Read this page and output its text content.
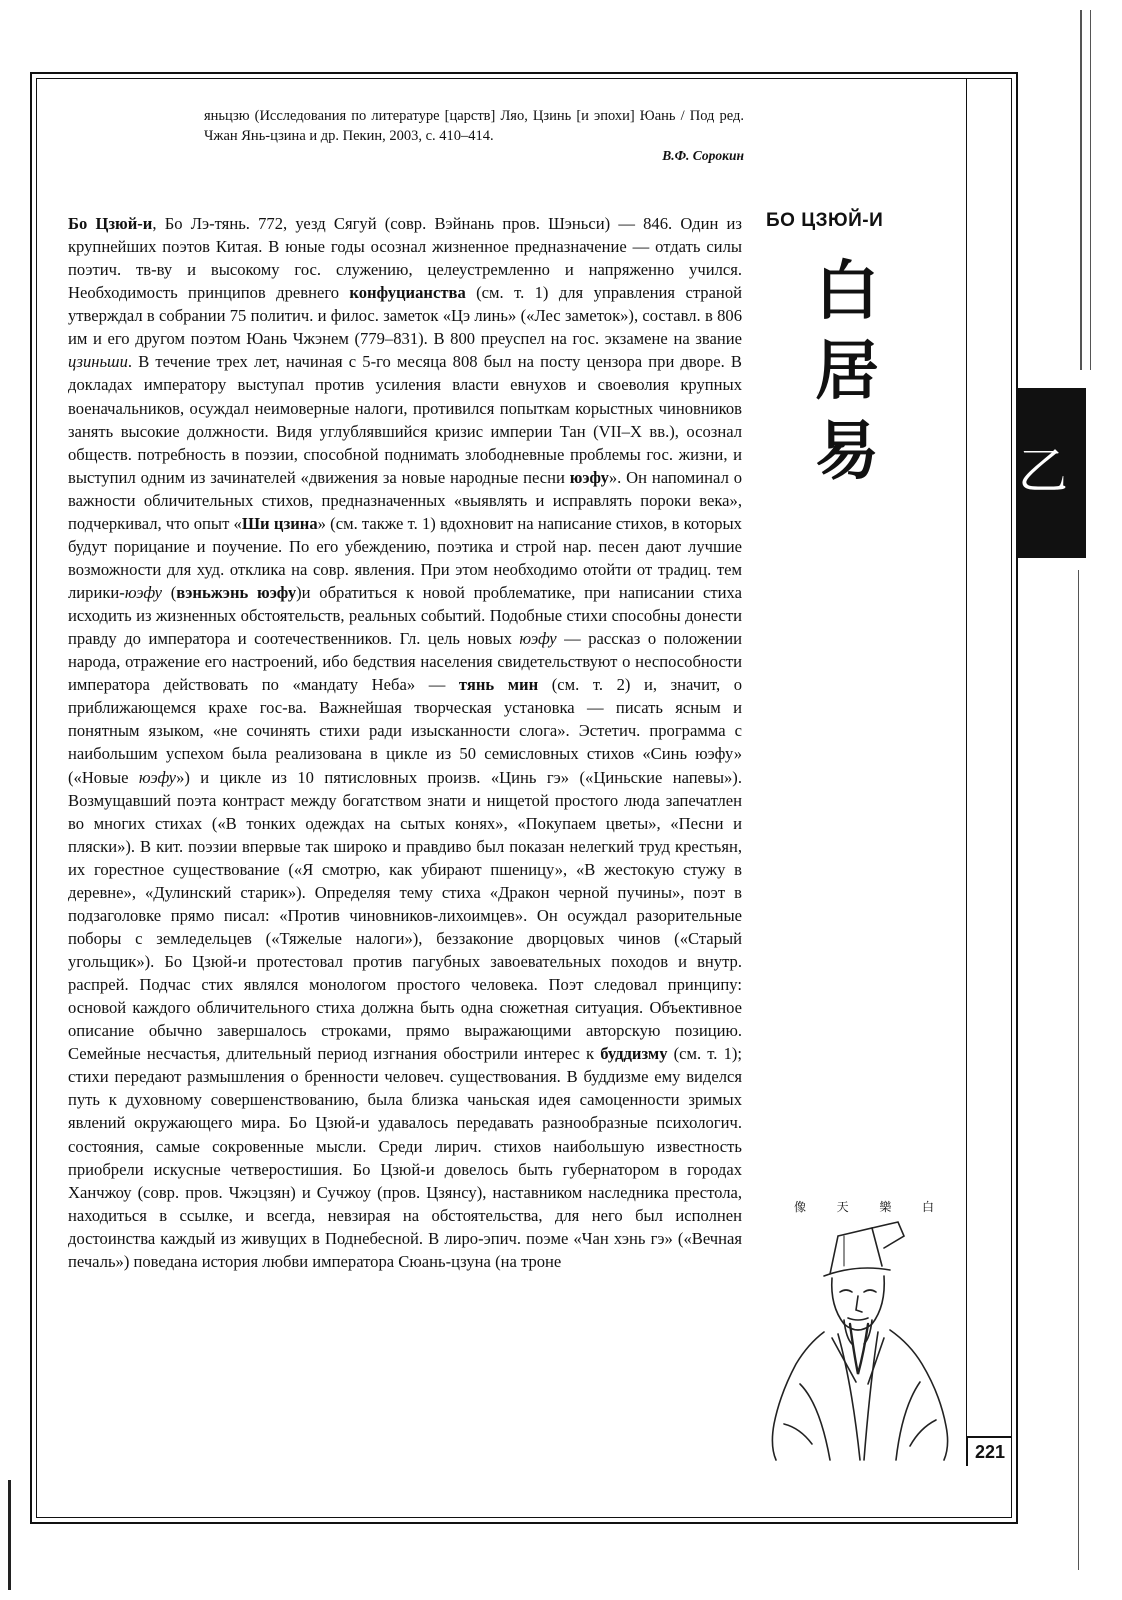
乙

яньцзю (Исследования по литературе [царств] Ляо, Цзинь [и эпохи] Юань / Под ред. Чжан Янь-цзина и др. Пекин, 2003, с. 410–414.

В.Ф. Сорокин

БО ЦЗЮЙ-И
白
居
易

Бо Цзюй-и, Бо Лэ-тянь. 772, уезд Сягуй (совр. Вэйнань пров. Шэньси) — 846. Один из крупнейших поэтов Китая. В юные годы осознал жизненное предназначение — отдать силы поэтич. тв-ву и высокому гос. служению, целеустремленно и напряженно учился. Необходимость принципов древнего конфуцианства (см. т. 1) для управления страной утверждал в собрании 75 политич. и филос. заметок «Цэ линь» («Лес заметок»), составл. в 806 им и его другом поэтом Юань Чжэнем (779–831). В 800 преуспел на гос. экзамене на звание цзиньши. В течение трех лет, начиная с 5-го месяца 808 был на посту цензора при дворе. В докладах императору выступал против усиления власти евнухов и своеволия крупных военачальников, осуждал неимоверные налоги, противился попыткам корыстных чиновников занять высокие должности. Видя углублявшийся кризис империи Тан (VII–X вв.), осознал обществ. потребность в поэзии, способной поднимать злободневные проблемы гос. жизни, и выступил одним из зачинателей «движения за новые народные песни юэфу». Он напоминал о важности обличительных стихов, предназначенных «выявлять и исправлять пороки века», подчеркивал, что опыт «Ши цзина» (см. также т. 1) вдохновит на написание стихов, в которых будут порицание и поучение. По его убеждению, поэтика и строй нар. песен дают лучшие возможности для худ. отклика на совр. явления. При этом необходимо отойти от традиц. тем лирики-юэфу (вэньжэнь юэфу)и обратиться к новой проблематике, при написании стиха исходить из жизненных обстоятельств, реальных событий. Подобные стихи способны донести правду до императора и соотечественников. Гл. цель новых юэфу — рассказ о положении народа, отражение его настроений, ибо бедствия населения свидетельствуют о неспособности императора действовать по «мандату Неба» — тянь мин (см. т. 2) и, значит, о приближающемся крахе гос-ва. Важнейшая творческая установка — писать ясным и понятным языком, «не сочинять стихи ради изысканности слога». Эстетич. программа с наибольшим успехом была реализована в цикле из 50 семисловных стихов «Синь юэфу» («Новые юэфу») и цикле из 10 пятисловных произв. «Цинь гэ» («Циньские напевы»). Возмущавший поэта контраст между богатством знати и нищетой простого люда запечатлен во многих стихах («В тонких одеждах на сытых конях», «Покупаем цветы», «Песни и пляски»). В кит. поэзии впервые так широко и правдиво был показан нелегкий труд крестьян, их горестное существование («Я смотрю, как убирают пшеницу», «В жестокую стужу в деревне», «Дулинский старик»). Определяя тему стиха «Дракон черной пучины», поэт в подзаголовке прямо писал: «Против чиновников-лихоимцев». Он осуждал разорительные поборы с земледельцев («Тяжелые налоги»), беззаконие дворцовых чинов («Старый угольщик»). Бо Цзюй-и протестовал против пагубных завоевательных походов и внутр. распрей. Подчас стих являлся монологом простого человека. Поэт следовал принципу: основой каждого обличительного стиха должна быть одна сюжетная ситуация. Объективное описание обычно завершалось строками, прямо выражающими авторскую позицию. Семейные несчастья, длительный период изгнания обострили интерес к буддизму (см. т. 1); стихи передают размышления о бренности человеч. существования. В буддизме ему виделся путь к духовному совершенствованию, была близка чаньская идея самоценности зримых явлений окружающего мира. Бо Цзюй-и удавалось передавать разнообразные психологич. состояния, самые сокровенные мысли. Среди лирич. стихов наибольшую известность приобрели искусные четверостишия. Бо Цзюй-и довелось быть губернатором в городах Ханчжоу (совр. пров. Чжэцзян) и Сучжоу (пров. Цзянсу), наставником наследника престола, находиться в ссылке, и всегда, невзирая на обстоятельства, для него был исполнен достоинства каждый из живущих в Поднебесной. В лиро-эпич. поэме «Чан хэнь гэ» («Вечная печаль») поведана история любви императора Сюань-цзуна (на троне

像	天	樂	白
221
